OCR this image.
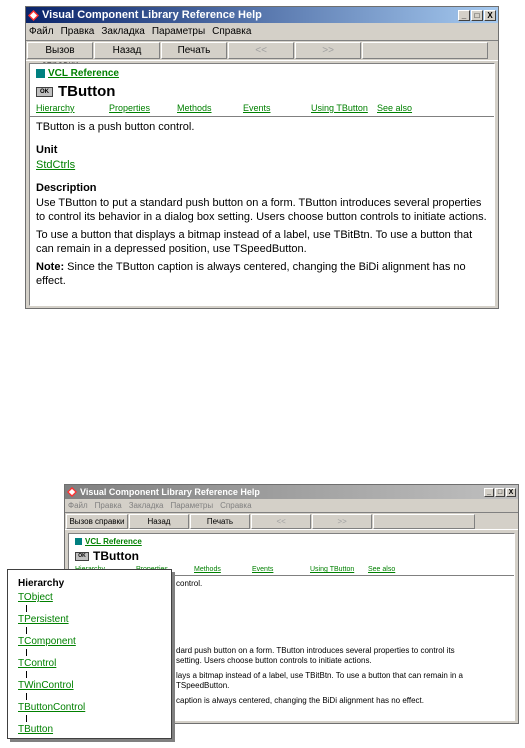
Visual Component Library Reference Help	_	□ X
Файл Правка Закладка Параметры Справка
Вызов	Назад	Печать	<<	>>
VCL Reference
OK TButton
Hierarchy	Properties	Methods	Events	Using TButton	See also

TButton is a push button control.

Unit

StdCtrls

Description

Use TButton to put a standard push button on a form. TButton introduces several properties to control its behavior in a dialog box setting. Users choose button controls to initiate actions.

To use a button that displays a bitmap instead of a label, use TBitBtn. To use a button that can remain in a depressed position, use TSpeedButton.

Note: Since the TButton caption is always centered, changing the BiDi alignment has no effect.

Visual Component Library Reference Help	_ □ X
Файл Правка Закладка Параметры Справка
Вызов справки	Назад	Печать	<<	>>
VCL Reference
OK TButton
Methods	Events	Using TButton	See also
control.
dard push button on a form. TButton introduces several properties to control its
setting. Users choose button controls to initiate actions.
lays a bitmap instead of a label, use TBitBtn. To use a button that can remain in a
TSpeedButton.
caption is always centered, changing the BiDi alignment has no effect.
Hierarchy
TObject
TPersistent
TComponent
TControl
TWinControl
TButtonControl
TButton
